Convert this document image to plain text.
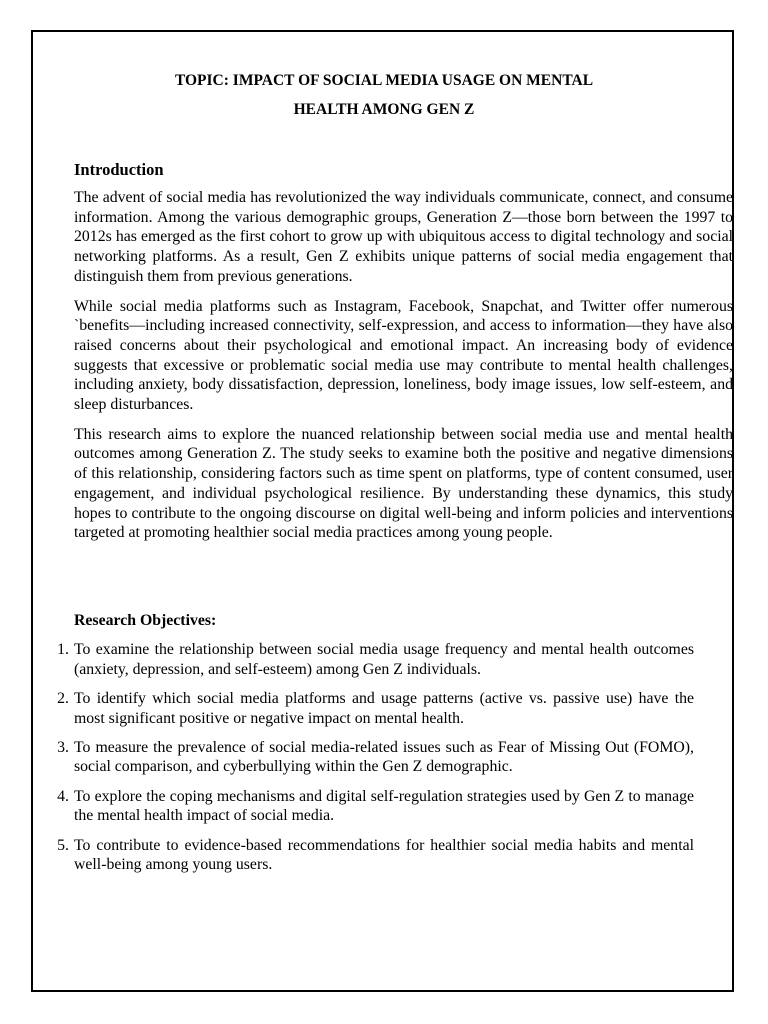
TOPIC: IMPACT OF SOCIAL MEDIA USAGE ON MENTAL

HEALTH AMONG GEN Z

Introduction

The advent of social media has revolutionized the way individuals communicate, connect, and consume information. Among the various demographic groups, Generation Z—those born between the 1997 to 2012s has emerged as the first cohort to grow up with ubiquitous access to digital technology and social networking platforms. As a result, Gen Z exhibits unique patterns of social media engagement that distinguish them from previous generations.

While social media platforms such as Instagram, Facebook, Snapchat, and Twitter offer numerous `benefits—including increased connectivity, self-expression, and access to information—they have also raised concerns about their psychological and emotional impact. An increasing body of evidence suggests that excessive or problematic social media use may contribute to mental health challenges, including anxiety, body dissatisfaction, depression, loneliness, body image issues, low self-esteem, and sleep disturbances.

This research aims to explore the nuanced relationship between social media use and mental health outcomes among Generation Z. The study seeks to examine both the positive and negative dimensions of this relationship, considering factors such as time spent on platforms, type of content consumed, user engagement, and individual psychological resilience. By understanding these dynamics, this study hopes to contribute to the ongoing discourse on digital well-being and inform policies and interventions targeted at promoting healthier social media practices among young people.

Research Objectives:
1. To examine the relationship between social media usage frequency and mental health outcomes (anxiety, depression, and self-esteem) among Gen Z individuals.
2. To identify which social media platforms and usage patterns (active vs. passive use) have the most significant positive or negative impact on mental health.
3. To measure the prevalence of social media-related issues such as Fear of Missing Out (FOMO), social comparison, and cyberbullying within the Gen Z demographic.
4. To explore the coping mechanisms and digital self-regulation strategies used by Gen Z to manage the mental health impact of social media.
5. To contribute to evidence-based recommendations for healthier social media habits and mental well-being among young users.
